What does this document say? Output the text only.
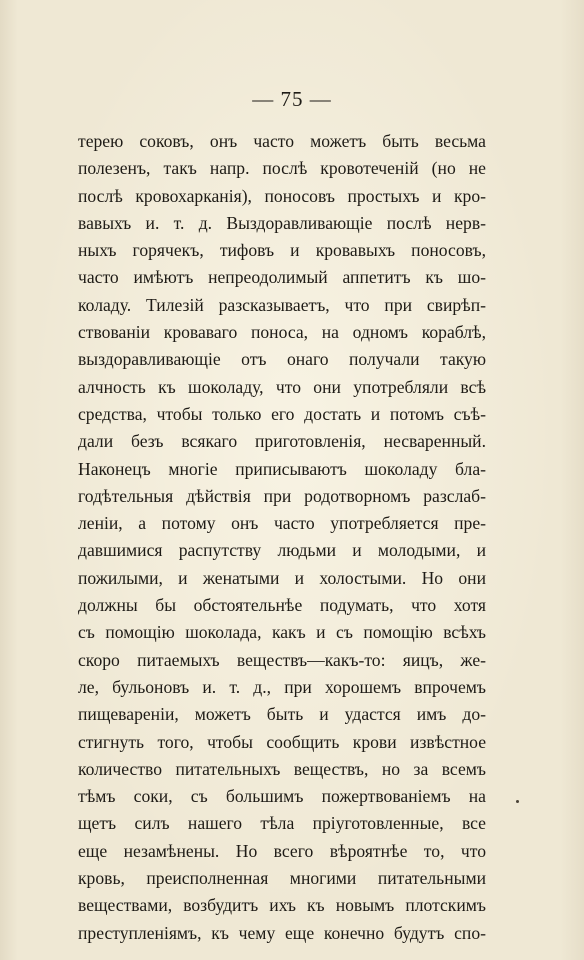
— 75 —
терею соковъ, онъ часто можетъ быть весьма
полезенъ, такъ напр. послѣ кровотеченій (но не
послѣ кровохарканія), поносовъ простыхъ и кро-
вавыхъ и. т. д. Выздоравливающіе послѣ нерв-
ныхъ горячекъ, тифовъ и кровавыхъ поносовъ,
часто имѣютъ непреодолимый аппетитъ къ шо-
коладу. Тилезій разсказываетъ, что при свирѣп-
ствованіи кроваваго поноса, на одномъ кораблѣ,
выздоравливающіе отъ онаго получали такую
алчность къ шоколаду, что они употребляли всѣ
средства, чтобы только его достать и потомъ съѣ-
дали безъ всякаго приготовленія, несваренный.
Наконецъ многіе приписываютъ шоколаду бла-
годѣтельныя дѣйствія при родотворномъ разслаб-
леніи, а потому онъ часто употребляется пре-
давшимися распутству людьми и молодыми, и
пожилыми, и женатыми и холостыми. Но они
должны бы обстоятельнѣе подумать, что хотя
съ помощію шоколада, какъ и съ помощію всѣхъ
скоро питаемыхъ веществъ—какъ-то: яицъ, же-
ле, бульоновъ и. т. д., при хорошемъ впрочемъ
пищевареніи, можетъ быть и удастся имъ до-
стигнуть того, чтобы сообщить крови извѣстное
количество питательныхъ веществъ, но за всемъ
тѣмъ соки, съ большимъ пожертвованіемъ на
щетъ силъ нашего тѣла пріуготовленные, все
еще незамѣнены. Но всего вѣроятнѣе то, что
кровь, преисполненная многими питательными
веществами, возбудитъ ихъ къ новымъ плотскимъ
преступленіямъ, къ чему еще конечно будутъ спо-
